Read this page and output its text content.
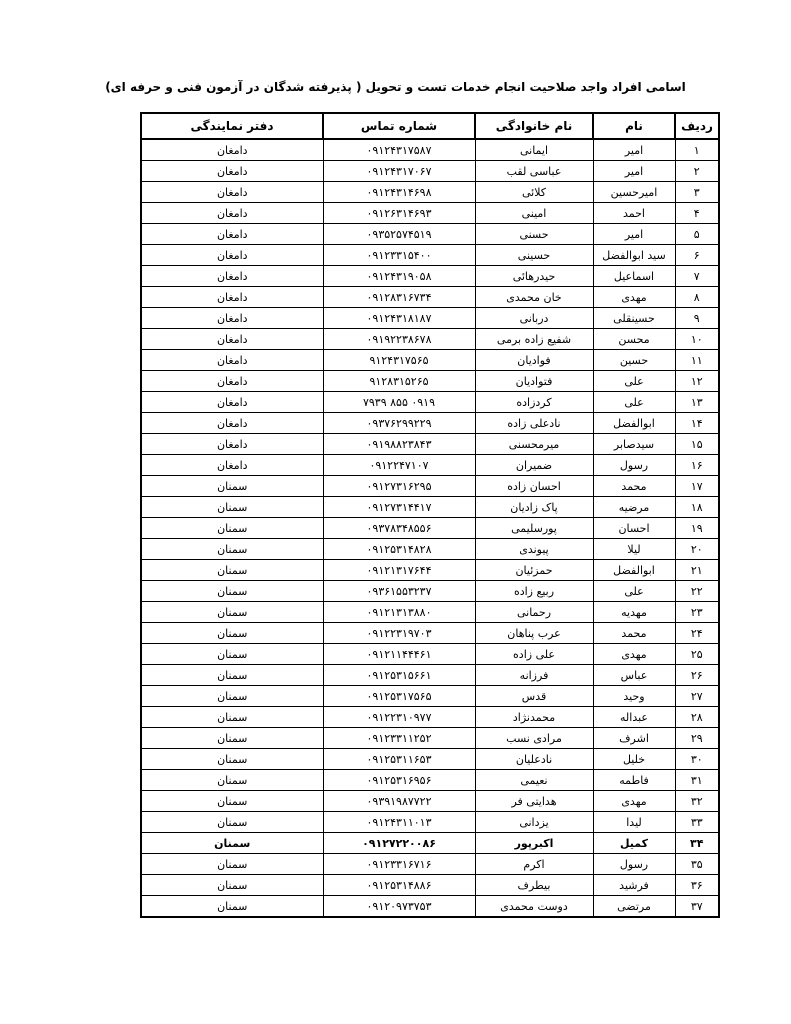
اسامی افراد واجد صلاحیت انجام خدمات تست و تحویل ( پذیرفته شدگان در آزمون فنی و حرفه ای)
ردیف	نام	نام خانوادگی	شماره تماس	دفتر نمایندگی
۱	امیر	ایمانی	۰۹۱۲۴۳۱۷۵۸۷	دامغان
۲	امیر	عباسی لقب	۰۹۱۲۴۳۱۷۰۶۷	دامغان
۳	امیرحسین	کلائی	۰۹۱۲۴۳۱۴۶۹۸	دامغان
۴	احمد	امینی	۰۹۱۲۶۳۱۴۶۹۳	دامغان
۵	امیر	حسنی	۰۹۳۵۲۵۷۴۵۱۹	دامغان
۶	سید ابوالفضل	حسینی	۰۹۱۲۳۳۱۵۴۰۰	دامغان
۷	اسماعیل	حیدرهائی	۰۹۱۲۴۳۱۹۰۵۸	دامغان
۸	مهدی	خان محمدی	۰۹۱۲۸۳۱۶۷۳۴	دامغان
۹	حسینقلی	دربانی	۰۹۱۲۴۳۱۸۱۸۷	دامغان
۱۰	محسن	شفیع زاده برمی	۰۹۱۹۲۲۳۸۶۷۸	دامغان
۱۱	حسین	فوادیان	۹۱۲۴۳۱۷۵۶۵	دامغان
۱۲	علی	فتوادیان	۹۱۲۸۳۱۵۲۶۵	دامغان
۱۳	علی	کردزاده	۰۹۱۹ ۸۵۵ ۷۹۳۹	دامغان
۱۴	ابوالفضل	نادعلی زاده	۰۹۳۷۶۲۹۹۲۲۹	دامغان
۱۵	سیدصابر	میرمحسنی	۰۹۱۹۸۸۲۳۸۴۳	دامغان
۱۶	رسول	ضمیران	۰۹۱۲۲۴۷۱۰۷	دامغان
۱۷	محمد	احسان زاده	۰۹۱۲۷۳۱۶۲۹۵	سمنان
۱۸	مرضیه	پاک زادیان	۰۹۱۲۷۳۱۴۴۱۷	سمنان
۱۹	احسان	پورسلیمی	۰۹۳۷۸۳۴۸۵۵۶	سمنان
۲۰	لیلا	پیوندی	۰۹۱۲۵۳۱۴۸۲۸	سمنان
۲۱	ابوالفضل	حمزئیان	۰۹۱۲۱۳۱۷۶۴۴	سمنان
۲۲	علی	ربیع زاده	۰۹۳۶۱۵۵۳۲۳۷	سمنان
۲۳	مهدیه	رحمانی	۰۹۱۲۱۳۱۳۸۸۰	سمنان
۲۴	محمد	عرب پناهان	۰۹۱۲۲۳۱۹۷۰۳	سمنان
۲۵	مهدی	علی زاده	۰۹۱۲۱۱۴۴۴۶۱	سمنان
۲۶	عباس	فرزانه	۰۹۱۲۵۳۱۵۶۶۱	سمنان
۲۷	وحید	قدس	۰۹۱۲۵۳۱۷۵۶۵	سمنان
۲۸	عبداله	محمدنژاد	۰۹۱۲۲۳۱۰۹۷۷	سمنان
۲۹	اشرف	مرادی نسب	۰۹۱۲۳۳۱۱۲۵۲	سمنان
۳۰	خلیل	نادعلیان	۰۹۱۲۵۳۱۱۶۵۳	سمنان
۳۱	فاطمه	نعیمی	۰۹۱۲۵۳۱۶۹۵۶	سمنان
۳۲	مهدی	هدایتی فر	۰۹۳۹۱۹۸۷۷۲۲	سمنان
۳۳	لیدا	یزدانی	۰۹۱۲۴۳۱۱۰۱۳	سمنان
۳۴	کمیل	اکبرپور	۰۹۱۲۷۲۲۰۰۸۶	سمنان
۳۵	رسول	اکرم	۰۹۱۲۳۳۱۶۷۱۶	سمنان
۳۶	فرشید	بیطرف	۰۹۱۲۵۳۱۴۸۸۶	سمنان
۳۷	مرتضی	دوست محمدی	۰۹۱۲۰۹۷۳۷۵۳	سمنان
